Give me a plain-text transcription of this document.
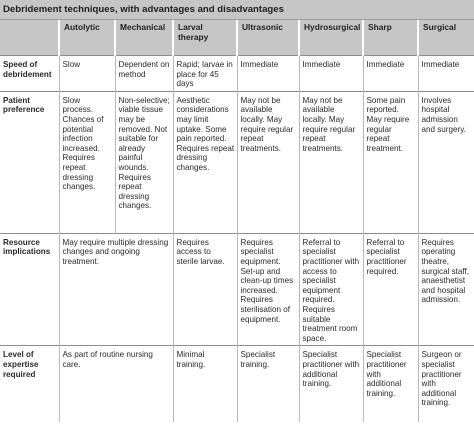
Debridement techniques, with advantages and disadvantages
	Autolytic	Mechanical	Larval therapy	Ultrasonic	Hydrosurgical	Sharp	Surgical
Speed of debridement	Slow	Dependent on method	Rapid; larvae in place for 45 days	Immediate	Immediate	Immediate	Immediate
Patient preference	Slow process. Chances of potential infection increased. Requires repeat dressing changes.	Non-selective; viable tissue may be removed. Not suitable for already painful wounds. Requires repeat dressing changes.	Aesthetic considerations may limit uptake. Some pain reported. Requires repeat dressing changes.	May not be available locally. May require regular repeat treatments.	May not be available locally. May require regular repeat treatments.	Some pain reported. May require regular repeat treatment.	Involves hospital admission and surgery.
Resource implications	May require multiple dressing changes and ongoing treatment.		Requires access to sterile larvae.	Requires specialist equipment. Set-up and clean-up times increased. Requires sterilisation of equipment.	Referral to specialist practitioner with access to specialist equipment required. Requires suitable treatment room space.	Referral to specialist practitioner required.	Requires operating theatre, surgical staff, anaesthetist and hospital admission.
Level of expertise required	As part of routine nursing care.		Minimal training.	Specialist training.	Specialist practitioner with additional training.	Specialist practitioner with additional training.	Surgeon or specialist practitioner with additional training.
